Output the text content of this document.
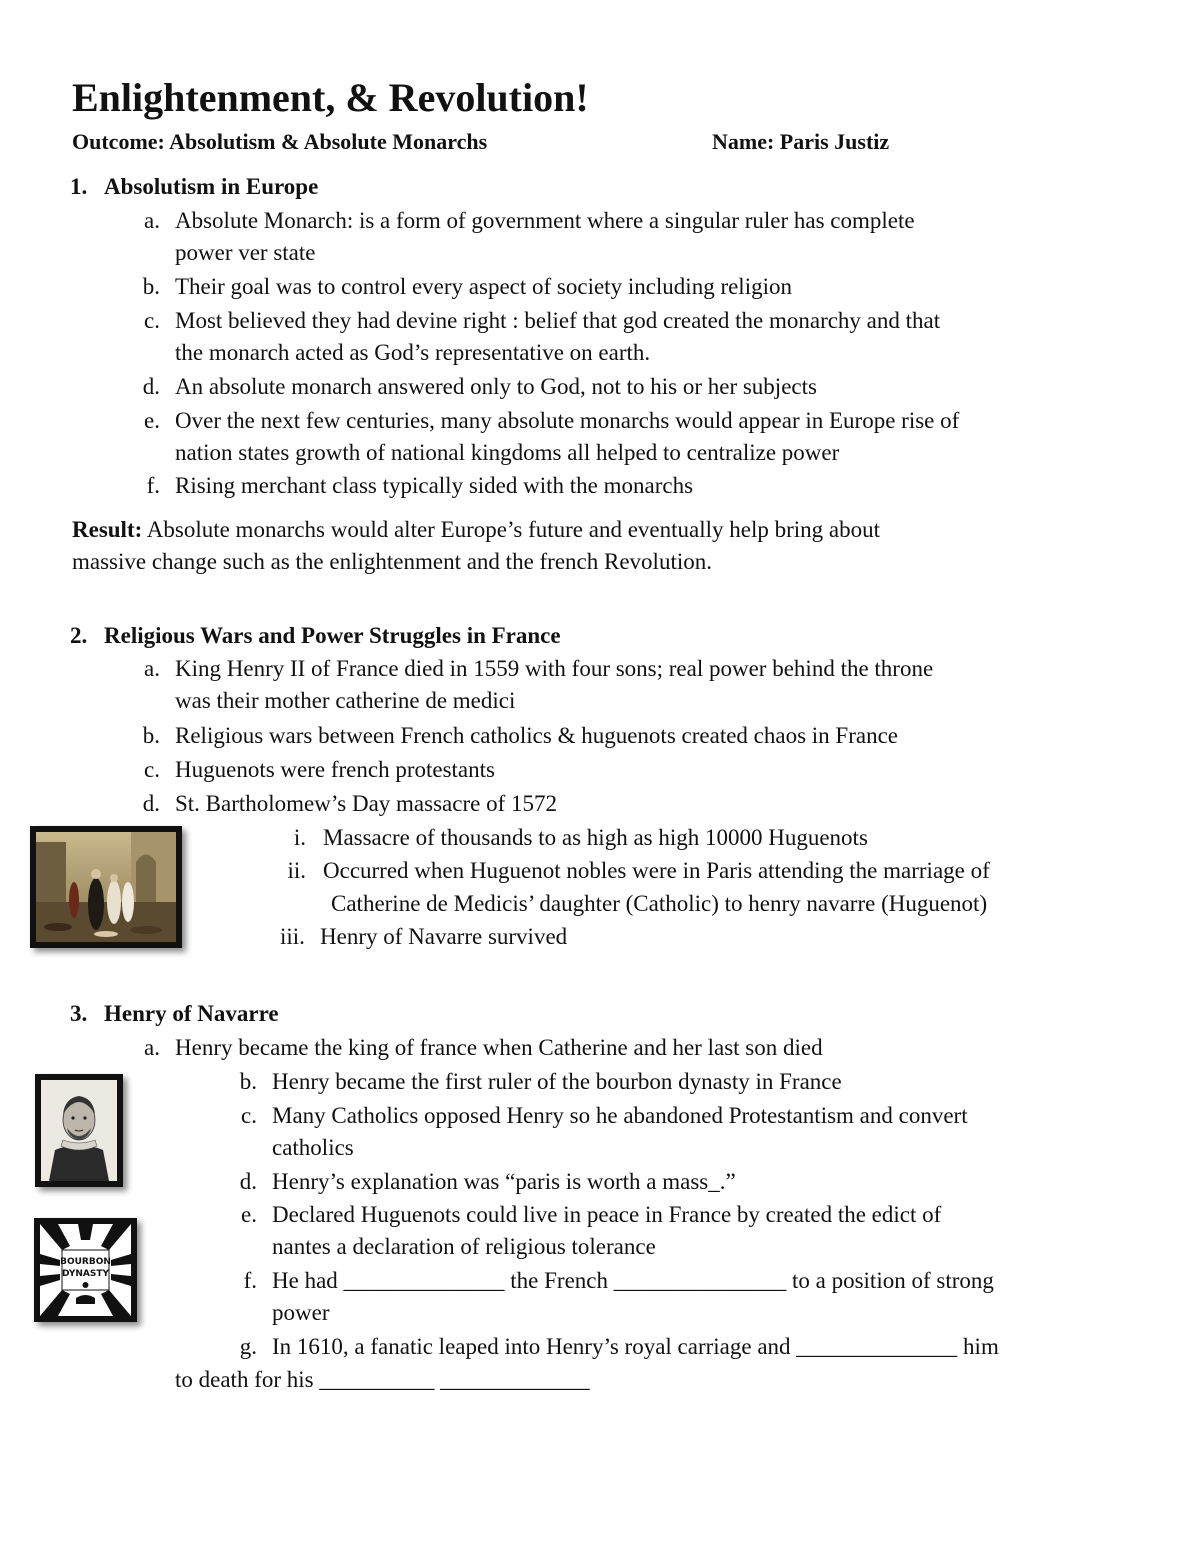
Enlightenment, & Revolution!
Outcome: Absolutism & Absolute Monarchs	Name: Paris Justiz
1. Absolutism in Europe
a. Absolute Monarch: is a form of government where a singular ruler has complete
power ver state
b. Their goal was to control every aspect of society including religion
c. Most believed they had devine right : belief that god created the monarchy and that
the monarch acted as God’s representative on earth.
d. An absolute monarch answered only to God, not to his or her subjects
e. Over the next few centuries, many absolute monarchs would appear in Europe rise of
nation states growth of national kingdoms all helped to centralize power
f. Rising merchant class typically sided with the monarchs
Result: Absolute monarchs would alter Europe’s future and eventually help bring about
massive change such as the enlightenment and the french Revolution.
2. Religious Wars and Power Struggles in France
a. King Henry II of France died in 1559 with four sons; real power behind the throne
was their mother catherine de medici
b. Religious wars between French catholics & huguenots created chaos in France
c. Huguenots were french protestants
d. St. Bartholomew’s Day massacre of 1572
i. Massacre of thousands to as high as high 10000 Huguenots
ii. Occurred when Huguenot nobles were in Paris attending the marriage of
Catherine de Medicis’ daughter (Catholic) to henry navarre (Huguenot)
iii. Henry of Navarre survived
3. Henry of Navarre
a. Henry became the king of france when Catherine and her last son died
b. Henry became the first ruler of the bourbon dynasty in France
c. Many Catholics opposed Henry so he abandoned Protestantism and convert
catholics
d. Henry’s explanation was “paris is worth a mass_.”
e. Declared Huguenots could live in peace in France by created the edict of
nantes a declaration of religious tolerance
f. He had ______________ the French _______________ to a position of strong
power
g. In 1610, a fanatic leaped into Henry’s royal carriage and ______________ him
to death for his __________ _____________
BOURBON
DYNASTY
